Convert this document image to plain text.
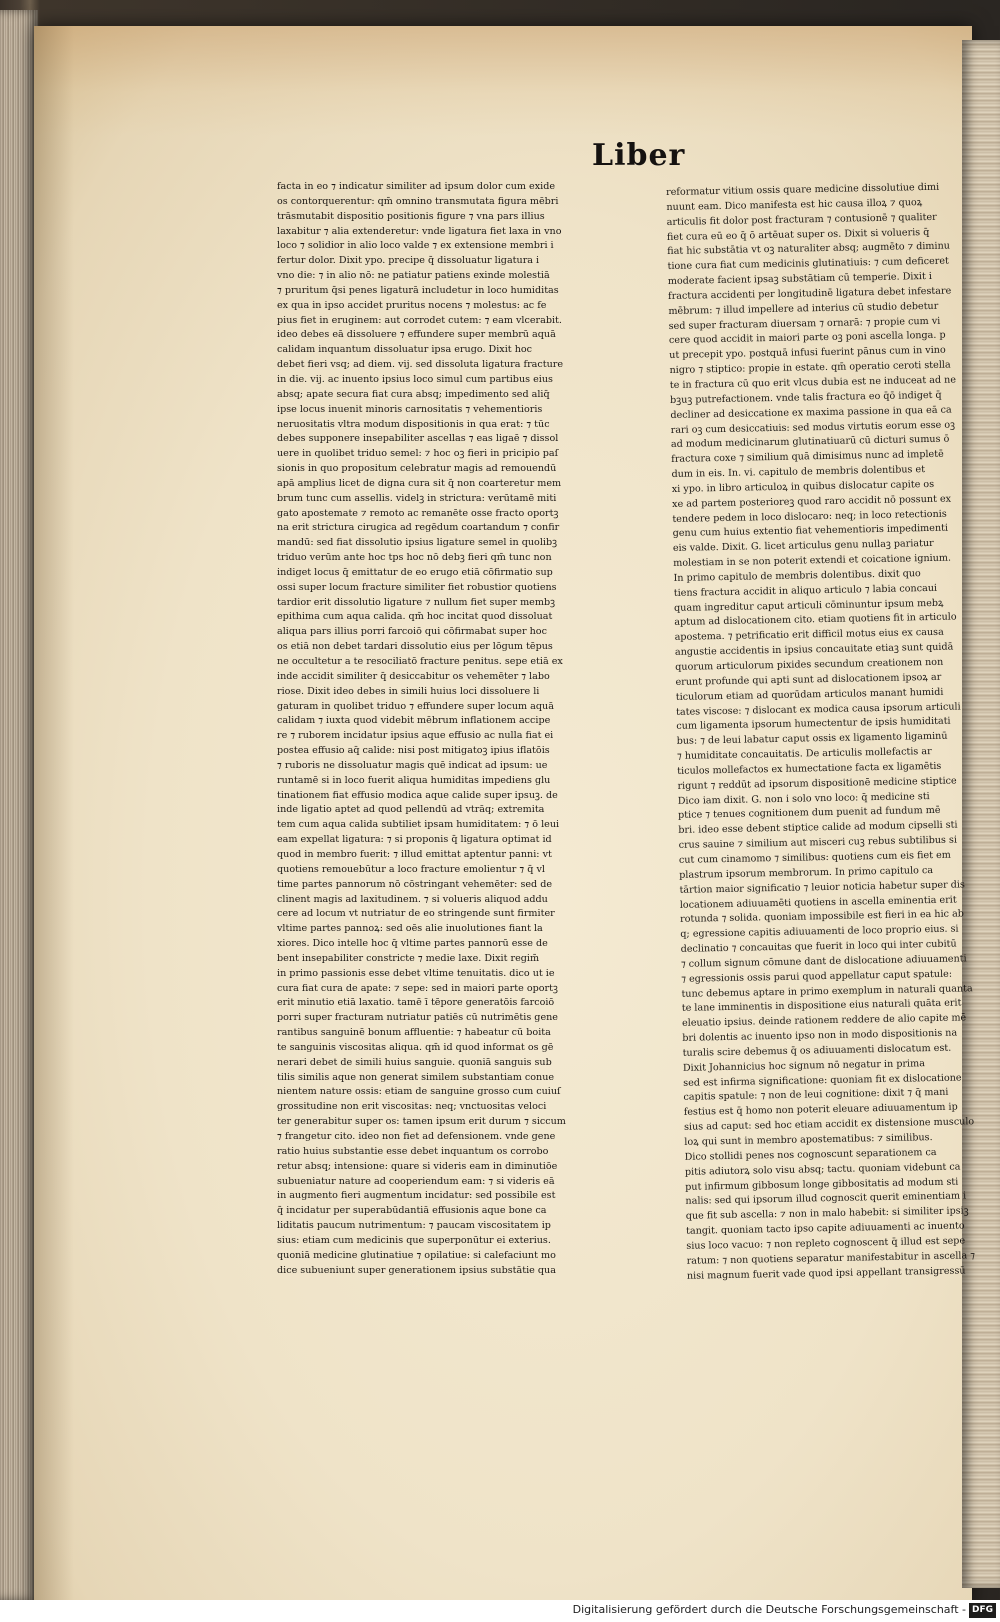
Liber
facta in eo ⁊ indicatur similiter ad ipsum dolor cum exide
os contorquerentur: qm̄ omnino transmutata figura mēbri
trāsmutabit dispositio positionis figure ⁊ vna pars illius
laxabitur ⁊ alia extenderetur: vnde ligatura fiet laxa in vno
loco ⁊ solidior in alio loco valde ⁊ ex extensione membri i
fertur dolor. Dixit ypo. precipe q̄ dissoluatur ligatura i
vno die: ⁊ in alio nō: ne patiatur patiens exinde molestiā
⁊ pruritum q̄si penes ligaturā includetur in loco humiditas
ex qua in ipso accidet pruritus nocens ⁊ molestus: ac fe
pius fiet in eruginem: aut corrodet cutem: ⁊ eam vlcerabit.
ideo debes eā dissoluere ⁊ effundere super membrū aquā
calidam inquantum dissoluatur ipsa erugo. Dixit hoc
debet fieri vsq; ad diem. vij. sed dissoluta ligatura fracture
in die. vij. ac inuento ipsius loco simul cum partibus eius
absq; apate secura fiat cura absq; impedimento sed aliq̄
ipse locus inuenit minoris carnositatis ⁊ vehementioris
neruositatis vltra modum dispositionis in qua erat: ⁊ tūc
debes supponere insepabiliter ascellas ⁊ eas ligaē ⁊ dissol
uere in quolibet triduo semel: ⁊ hoc oꝫ fieri in pricipio paſ
sionis in quo propositum celebratur magis ad remouendū
apā amplius licet de digna cura sit q̄ non coarteretur mem
brum tunc cum assellis. videlꝫ in strictura: verūtamē miti
gato apostemate ⁊ remoto ac remanēte osse fracto oportꝫ
na erit strictura cirugica ad regēdum coartandum ⁊ confir
mandū: sed fiat dissolutio ipsius ligature semel in quolibꝫ
triduo verūm ante hoc tps hoc nō debꝫ fieri qm̄ tunc non
indiget locus q̄ emittatur de eo erugo etiā cōfirmatio sup
ossi super locum fracture similiter fiet robustior quotiens
tardior erit dissolutio ligature ⁊ nullum fiet super membꝫ
epithima cum aqua calida. qm̄ hoc incitat quod dissoluat
aliqua pars illius porri farcoiō qui cōfirmabat super hoc
os etiā non debet tardari dissolutio eius per lōgum tēpus
ne occultetur a te resociliatō fracture penitus. sepe etiā ex
inde accidit similiter q̄ desiccabitur os vehemēter ⁊ labo
riose. Dixit ideo debes in simili huius loci dissoluere li
gaturam in quolibet triduo ⁊ effundere super locum aquā
calidam ⁊ iuxta quod videbit mēbrum inflationem accipe
re ⁊ ruborem incidatur ipsius aque effusio ac nulla fiat ei
postea effusio aq̄ calide: nisi post mitigatoꝫ ipius iflatōis
⁊ ruboris ne dissoluatur magis quē indicat ad ipsum: ue
runtamē si in loco fuerit aliqua humiditas impediens glu
tinationem fiat effusio modica aque calide super ipsuꝫ. de
inde ligatio aptet ad quod pellendū ad vtrāq; extremita
tem cum aqua calida subtiliet ipsam humiditatem: ⁊ ō leui
eam expellat ligatura: ⁊ si proponis q̄ ligatura optimat id
quod in membro fuerit: ⁊ illud emittat aptentur panni: vt
quotiens remouebūtur a loco fracture emolientur ⁊ q̄ vl
time partes pannorum nō cōstringant vehemēter: sed de
clinent magis ad laxitudinem. ⁊ si volueris aliquod addu
cere ad locum vt nutriatur de eo stringende sunt firmiter
vltime partes pannoꝝ: sed oēs alie inuolutiones fiant la
xiores. Dico intelle hoc q̄ vltime partes pannorū esse de
bent insepabiliter constricte ⁊ medie laxe. Dixit regim̄
in primo passionis esse debet vltime tenuitatis. dico ut ie
cura fiat cura de apate: ⁊ sepe: sed in maiori parte oportꝫ
erit minutio etiā laxatio. tamē ī tēpore generatōis farcoiō
porri super fracturam nutriatur patiēs cū nutrimētis gene
rantibus sanguinē bonum affluentie: ⁊ habeatur cū boita
te sanguinis viscositas aliqua. qm̄ id quod informat os gē
nerari debet de simili huius sanguie. quoniā sanguis sub
tilis similis aque non generat similem substantiam conue
nientem nature ossis: etiam de sanguine grosso cum cuiuſ
grossitudine non erit viscositas: neq; vnctuositas veloci
ter generabitur super os: tamen ipsum erit durum ⁊ siccum
⁊ frangetur cito. ideo non fiet ad defensionem. vnde gene
ratio huius substantie esse debet inquantum os corrobo
retur absq; intensione: quare si videris eam in diminutiōe
subueniatur nature ad cooperiendum eam: ⁊ si videris eā
in augmento fieri augmentum incidatur: sed possibile est
q̄ incidatur per superabūdantiā effusionis aque bone ca
liditatis paucum nutrimentum: ⁊ paucam viscositatem ip
sius: etiam cum medicinis que superponūtur ei exterius.
quoniā medicine glutinatiue ⁊ opilatiue: si calefaciunt mo
dice subueniunt super generationem ipsius substātie qua
reformatur vitium ossis quare medicine dissolutiue dimi
nuunt eam. Dico manifesta est hic causa illoꝝ ⁊ quoꝝ
articulis fit dolor post fracturam ⁊ contusionē ⁊ qualiter
fiet cura eū eo q̄ ō artēuat super os. Dixit si volueris q̄
fiat hic substātia vt oꝫ naturaliter absq; augmēto ⁊ diminu
tione cura fiat cum medicinis glutinatiuis: ⁊ cum deficeret
moderate facient ipsaꝫ substātiam cū temperie. Dixit i
fractura accidenti per longitudinē ligatura debet infestare
mēbrum: ⁊ illud impellere ad interius cū studio debetur
sed super fracturam diuersam ⁊ ornarā: ⁊ propie cum vi
cere quod accidit in maiori parte oꝫ poni ascella longa. p
ut precepit ypo. postquā infusi fuerint pānus cum in vino
nigro ⁊ stiptico: propie in estate. qm̄ operatio ceroti stella
te in fractura cū quo erit vlcus dubia est ne induceat ad ne
bꝫuꝫ putrefactionem. vnde talis fractura eo q̄ō indiget q̄
decliner ad desiccatione ex maxima passione in qua eā ca
rari oꝫ cum desiccatiuis: sed modus virtutis eorum esse oꝫ
ad modum medicinarum glutinatiuarū cū dicturi sumus ō
fractura coxe ⁊ similium quā dimisimus nunc ad impletē
dum in eis. In. vi. capitulo de membris dolentibus et
xi ypo. in libro articuloꝝ in quibus dislocatur capite os
xe ad partem posterioreꝫ quod raro accidit nō possunt ex
tendere pedem in loco dislocaro: neq; in loco retectionis
genu cum huius extentio fiat vehementioris impedimenti
eis valde. Dixit. G. licet articulus genu nullaꝫ pariatur
molestiam in se non poterit extendi et coicatione ignium.
In primo capitulo de membris dolentibus. dixit quo
tiens fractura accidit in aliquo articulo ⁊ labia concaui
quam ingreditur caput articuli cōminuntur ipsum mebꝝ
aptum ad dislocationem cito. etiam quotiens fit in articulo
apostema. ⁊ petrificatio erit difficil motus eius ex causa
angustie accidentis in ipsius concauitate etiaꝫ sunt quidā
quorum articulorum pixides secundum creationem non
erunt profunde qui apti sunt ad dislocationem ipsoꝝ ar
ticulorum etiam ad quorūdam articulos manant humidi
tates viscose: ⁊ dislocant ex modica causa ipsorum articuli
cum ligamenta ipsorum humectentur de ipsis humiditati
bus: ⁊ de leui labatur caput ossis ex ligamento ligaminū
⁊ humiditate concauitatis. De articulis mollefactis ar
ticulos mollefactos ex humectatione facta ex ligamētis
rigunt ⁊ reddūt ad ipsorum dispositionē medicine stiptice
Dico iam dixit. G. non i solo vno loco: q̄ medicine sti
ptice ⁊ tenues cognitionem dum puenit ad fundum mē
bri. ideo esse debent stiptice calide ad modum cipselli sti
crus sauine ⁊ similium aut misceri cuꝫ rebus subtilibus si
cut cum cinamomo ⁊ similibus: quotiens cum eis fiet em
plastrum ipsorum membrorum. In primo capitulo ca
tārtion maior significatio ⁊ leuior noticia habetur super dis
locationem adiuuamēti quotiens in ascella eminentia erit
rotunda ⁊ solida. quoniam impossibile est fieri in ea hic ab
q; egressione capitis adiuuamenti de loco proprio eius. si
declinatio ⁊ concauitas que fuerit in loco qui inter cubitū
⁊ collum signum cōmune dant de dislocatione adiuuamenti
⁊ egressionis ossis parui quod appellatur caput spatule:
tunc debemus aptare in primo exemplum in naturali quanta
te lane imminentis in dispositione eius naturali quāta erit
eleuatio ipsius. deinde rationem reddere de alio capite mē
bri dolentis ac inuento ipso non in modo dispositionis na
turalis scire debemus q̄ os adiuuamenti dislocatum est.
Dixit Johannicius hoc signum nō negatur in prima
sed est infirma significatione: quoniam fit ex dislocatione
capitis spatule: ⁊ non de leui cognitione: dixit ⁊ q̄ mani
festius est q̄ homo non poterit eleuare adiuuamentum ip
sius ad caput: sed hoc etiam accidit ex distensione musculo
loꝝ qui sunt in membro apostematibus: ⁊ similibus.
Dico stollidi penes nos cognoscunt separationem ca
pitis adiutorꝝ solo visu absq; tactu. quoniam videbunt ca
put infirmum gibbosum longe gibbositatis ad modum sti
nalis: sed qui ipsorum illud cognoscit querit eminentiam i
que fit sub ascella: ⁊ non in malo habebit: si similiter ipsiꝫ
tangit. quoniam tacto ipso capite adiuuamenti ac inuento
sius loco vacuo: ⁊ non repleto cognoscent q̄ illud est sepe
ratum: ⁊ non quotiens separatur manifestabitur in ascella ⁊
nisi magnum fuerit vade quod ipsi appellant transigressū
Digitalisierung gefördert durch die Deutsche Forschungsgemeinschaft - DFG
